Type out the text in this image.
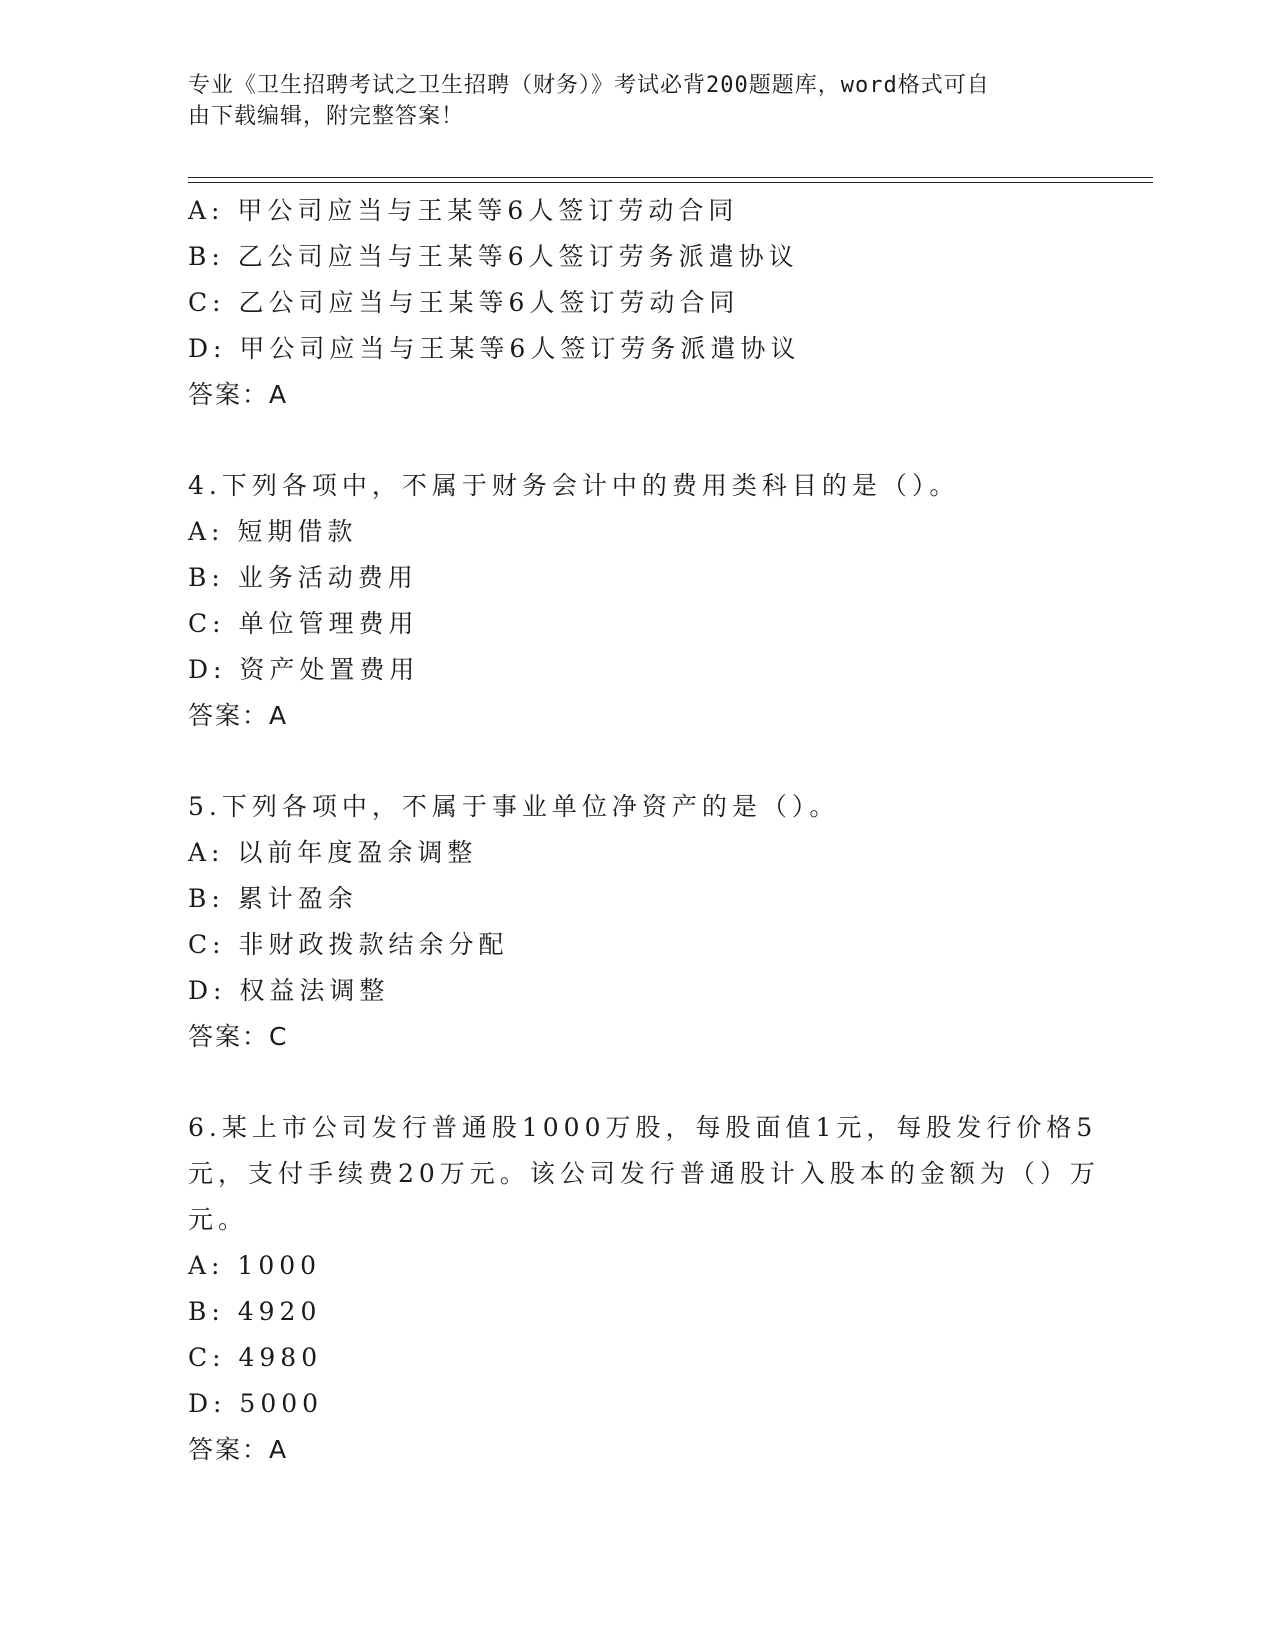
专业《卫生招聘考试之卫生招聘（财务）》考试必背200题题库，word格式可自

由下载编辑，附完整答案！

A: 甲公司应当与王某等6人签订劳动合同
B: 乙公司应当与王某等6人签订劳务派遣协议
C: 乙公司应当与王某等6人签订劳动合同
D: 甲公司应当与王某等6人签订劳务派遣协议
答案：A
4.下列各项中，不属于财务会计中的费用类科目的是（）。
A: 短期借款
B: 业务活动费用
C: 单位管理费用
D: 资产处置费用
答案：A
5.下列各项中，不属于事业单位净资产的是（）。
A: 以前年度盈余调整
B: 累计盈余
C: 非财政拨款结余分配
D: 权益法调整
答案：C
6.某上市公司发行普通股1000万股，每股面值1元，每股发行价格5
元，支付手续费20万元。该公司发行普通股计入股本的金额为（）万
元。
A: 1000
B: 4920
C: 4980
D: 5000
答案：A
